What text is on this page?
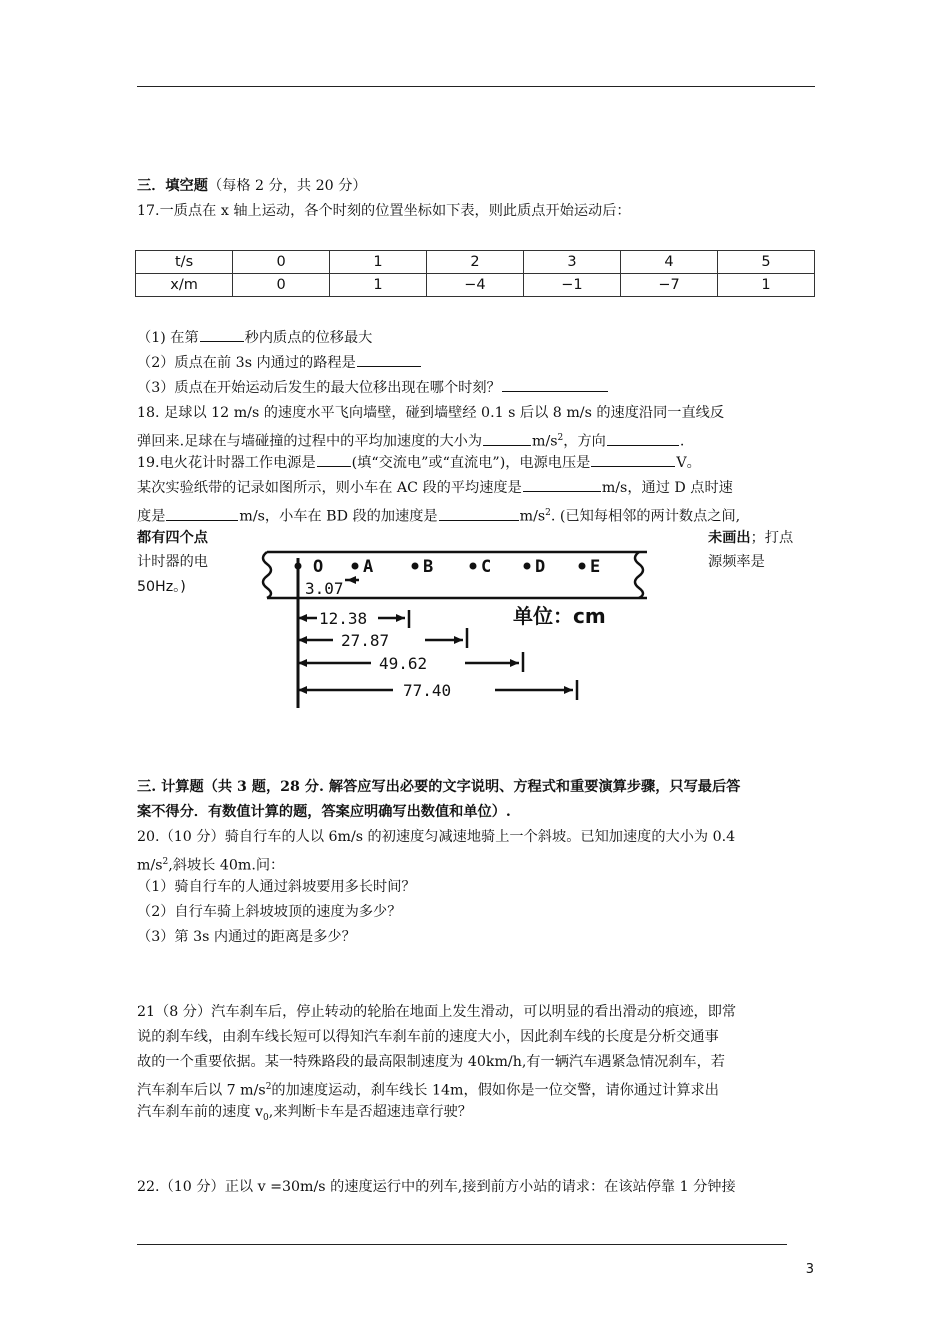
三．填空题（每格 2 分，共 20 分）
17.一质点在 x 轴上运动，各个时刻的位置坐标如下表，则此质点开始运动后：
t/s	0	1	2	3	4	5
x/m	0	1	−4	−1	−7	1
（1) 在第	秒内质点的位移最大
（2）质点在前 3s 内通过的路程是
（3）质点在开始运动后发生的最大位移出现在哪个时刻？
18. 足球以 12 m/s 的速度水平飞向墙壁，碰到墙壁经 0.1 s 后以 8 m/s 的速度沿同一直线反
弹回来.足球在与墙碰撞的过程中的平均加速度的大小为	$m/s^2$，方向	.
19.电火花计时器工作电源是	(填“交流电”或“直流电”)，电源电压是	V。
某次实验纸带的记录如图所示，则小车在 AC 段的平均速度是	m/s，通过 D 点时速
度是	m/s，小车在 BD 段的加速度是	$m/s^2$. (已知每相邻的两计数点之间,
都有四个点
计时器的电
50Hz。)
未画出；打点
源频率是
O A	B	C	D	E
3.07
12.38
27.87
49.62
77.40
单位：cm
三. 计算题（共 3 题，28 分. 解答应写出必要的文字说明、方程式和重要演算步骤，只写最后答
案不得分．有数值计算的题，答案应明确写出数值和单位）.
20.（10 分）骑自行车的人以 6m/s 的初速度匀减速地骑上一个斜坡。已知加速度的大小为 0.4
$m/s^2$,斜坡长 40m.问：
（1）骑自行车的人通过斜坡要用多长时间？
（2）自行车骑上斜坡坡顶的速度为多少？
（3）第 3s 内通过的距离是多少？
21（8 分）汽车刹车后，停止转动的轮胎在地面上发生滑动，可以明显的看出滑动的痕迹，即常
说的刹车线，由刹车线长短可以得知汽车刹车前的速度大小，因此刹车线的长度是分析交通事
故的一个重要依据。某一特殊路段的最高限制速度为 40km/h,有一辆汽车遇紧急情况刹车，若
汽车刹车后以 7 $m/s^2$的加速度运动，刹车线长 14m，假如你是一位交警，请你通过计算求出
汽车刹车前的速度 $v_0$,来判断卡车是否超速违章行驶？
22.（10 分）正以 v =30m/s 的速度运行中的列车,接到前方小站的请求：在该站停靠 1 分钟接
3
